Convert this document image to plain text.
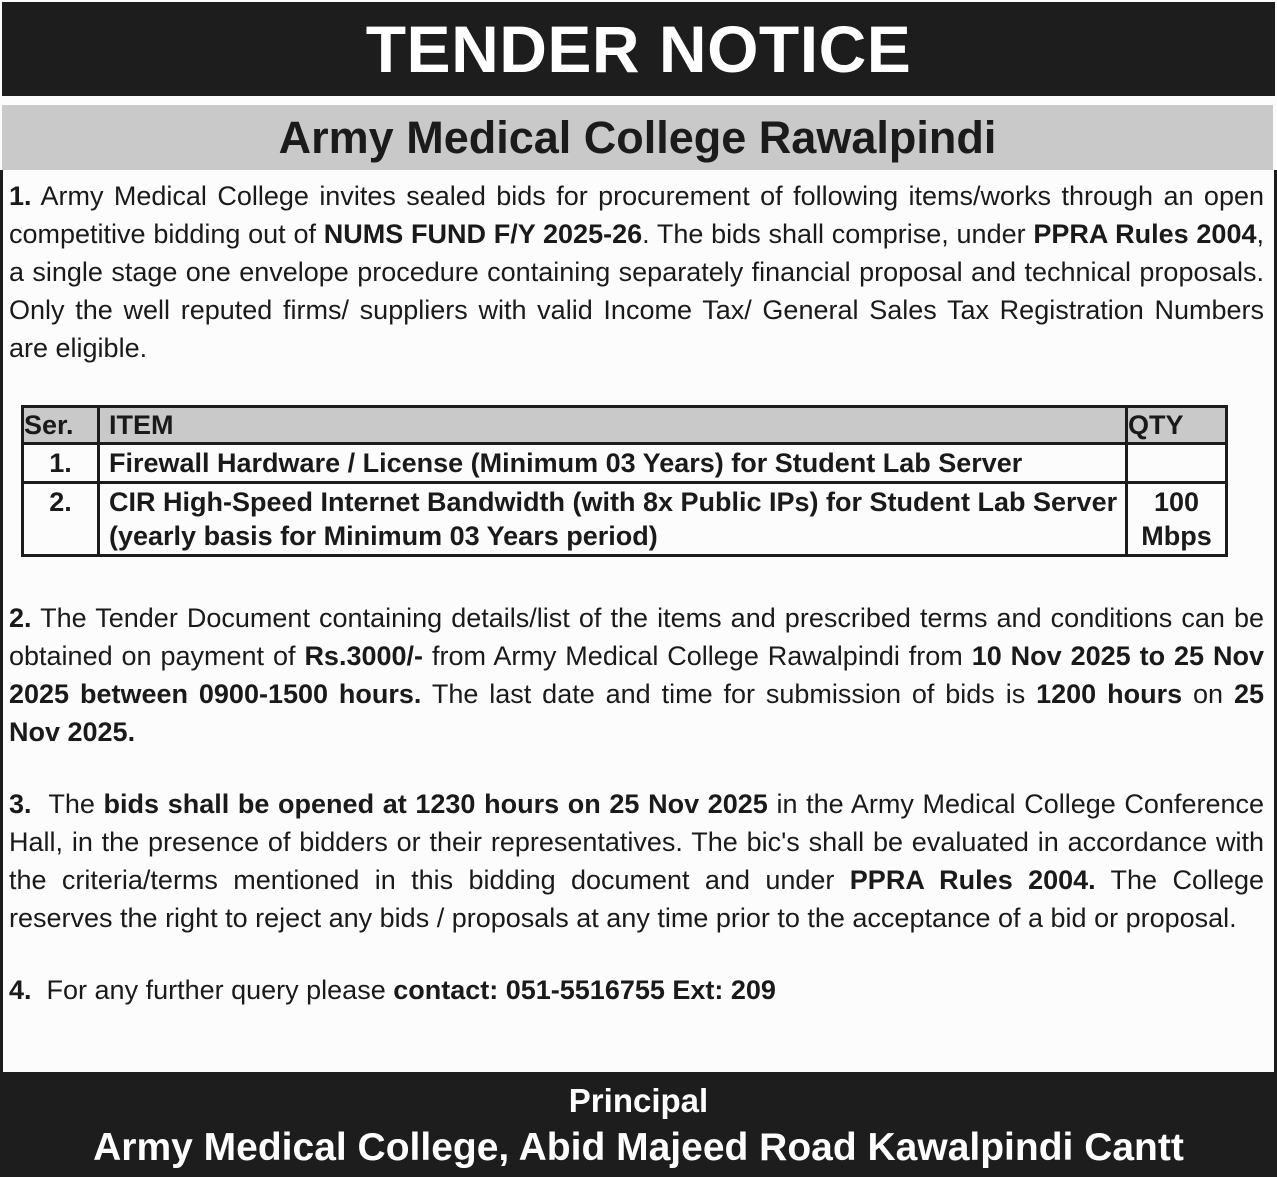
TENDER NOTICE
Army Medical College Rawalpindi

1. Army Medical College invites sealed bids for procurement of following items/works through an open competitive bidding out of NUMS FUND F/Y 2025-26. The bids shall comprise, under PPRA Rules 2004, a single stage one envelope procedure containing separately financial proposal and technical proposals. Only the well reputed firms/ suppliers with valid Income Tax/ General Sales Tax Registration Numbers are eligible.

Ser.	ITEM	QTY
1.	Firewall Hardware / License (Minimum 03 Years) for Student Lab Server	
2.	CIR High-Speed Internet Bandwidth (with 8x Public IPs) for Student Lab Server (yearly basis for Minimum 03 Years period)	100 Mbps

2. The Tender Document containing details/list of the items and prescribed terms and conditions can be obtained on payment of Rs.3000/- from Army Medical College Rawalpindi from 10 Nov 2025 to 25 Nov 2025 between 0900-1500 hours. The last date and time for submission of bids is 1200 hours on 25 Nov 2025.

3.  The bids shall be opened at 1230 hours on 25 Nov 2025 in the Army Medical College Conference Hall, in the presence of bidders or their representatives. The bic's shall be evaluated in accordance with the criteria/terms mentioned in this bidding document and under PPRA Rules 2004. The College reserves the right to reject any bids / proposals at any time prior to the acceptance of a bid or proposal.

4.  For any further query please contact: 051-5516755 Ext: 209

Principal
Army Medical College, Abid Majeed Road Kawalpindi Cantt
